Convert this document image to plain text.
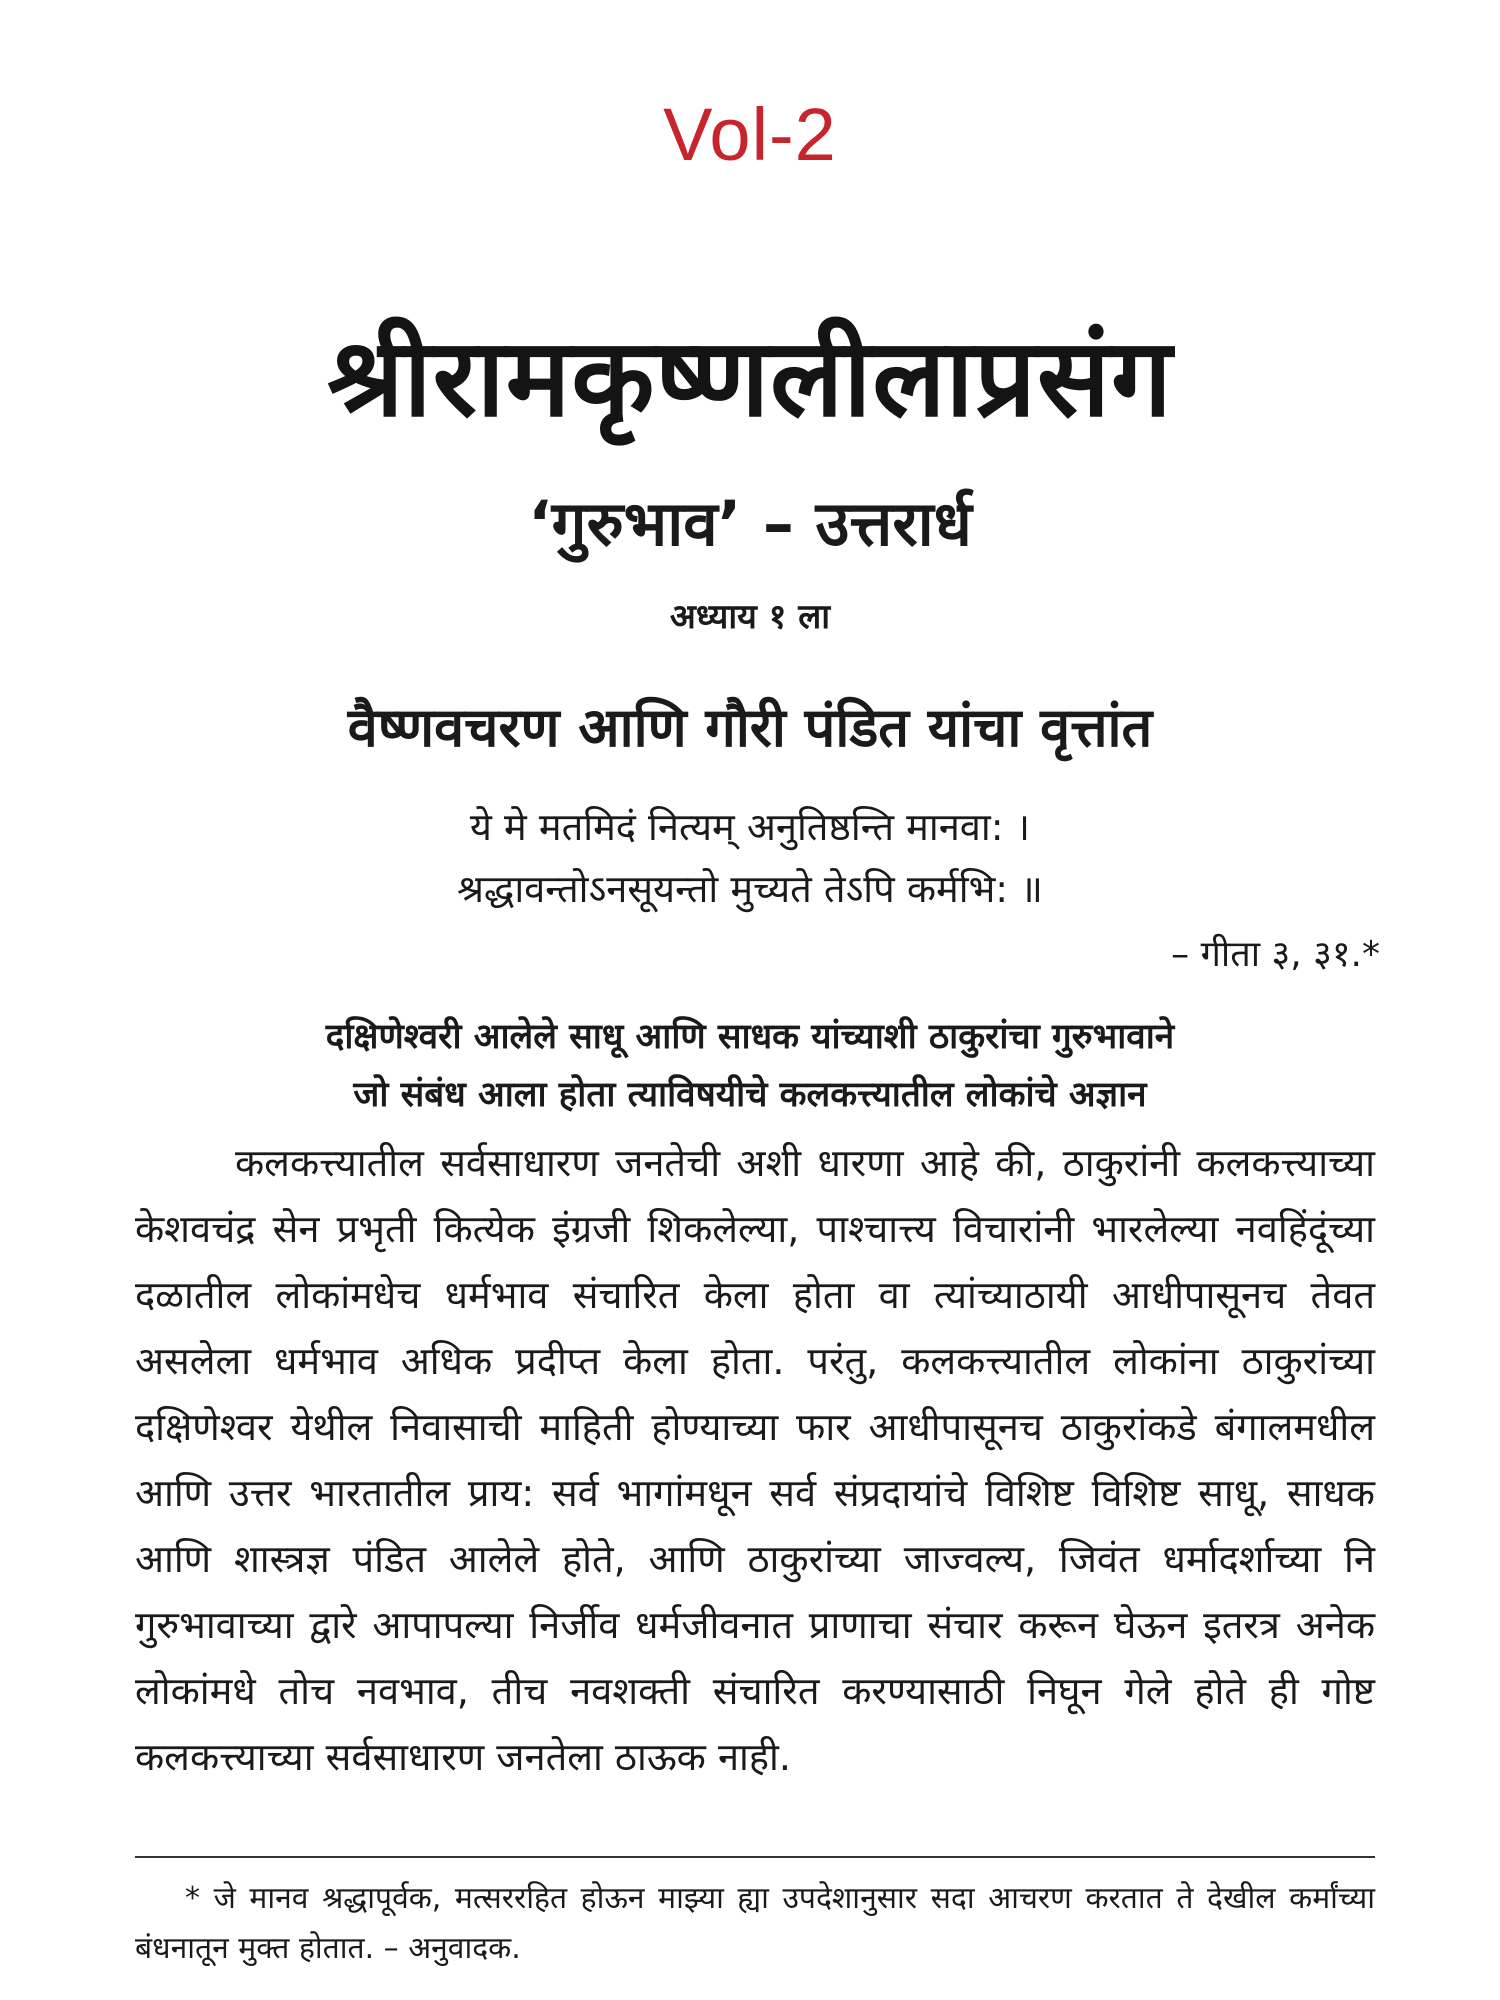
Vol-2
श्रीरामकृष्णलीलाप्रसंग
‘गुरुभाव’ – उत्तरार्ध
अध्याय १ ला
वैष्णवचरण आणि गौरी पंडित यांचा वृत्तांत
ये मे मतमिदं नित्यम् अनुतिष्ठन्ति मानवा: ।
श्रद्धावन्तोऽनसूयन्तो मुच्यते तेऽपि कर्मभि: ॥
– गीता ३, ३१.*
दक्षिणेश्वरी आलेले साधू आणि साधक यांच्याशी ठाकुरांचा गुरुभावाने
जो संबंध आला होता त्याविषयीचे कलकत्त्यातील लोकांचे अज्ञान

कलकत्त्यातील सर्वसाधारण जनतेची अशी धारणा आहे की, ठाकुरांनी कलकत्त्याच्या केशवचंद्र सेन प्रभृती कित्येक इंग्रजी शिकलेल्या, पाश्चात्त्य विचारांनी भारलेल्या नवहिंदूंच्या दळातील लोकांमधेच धर्मभाव संचारित केला होता वा त्यांच्याठायी आधीपासूनच तेवत असलेला धर्मभाव अधिक प्रदीप्त केला होता. परंतु, कलकत्त्यातील लोकांना ठाकुरांच्या दक्षिणेश्वर येथील निवासाची माहिती होण्याच्या फार आधीपासूनच ठाकुरांकडे बंगालमधील आणि उत्तर भारतातील प्राय: सर्व भागांमधून सर्व संप्रदायांचे विशिष्ट विशिष्ट साधू, साधक आणि शास्त्रज्ञ पंडित आलेले होते, आणि ठाकुरांच्या जाज्वल्य, जिवंत धर्मादर्शाच्या नि गुरुभावाच्या द्वारे आपापल्या निर्जीव धर्मजीवनात प्राणाचा संचार करून घेऊन इतरत्र अनेक लोकांमधे तोच नवभाव, तीच नवशक्ती संचारित करण्यासाठी निघून गेले होते ही गोष्ट कलकत्त्याच्या सर्वसाधारण जनतेला ठाऊक नाही.

* जे मानव श्रद्धापूर्वक, मत्सररहित होऊन माझ्या ह्या उपदेशानुसार सदा आचरण करतात ते देखील कर्मांच्या बंधनातून मुक्त होतात. – अनुवादक.
